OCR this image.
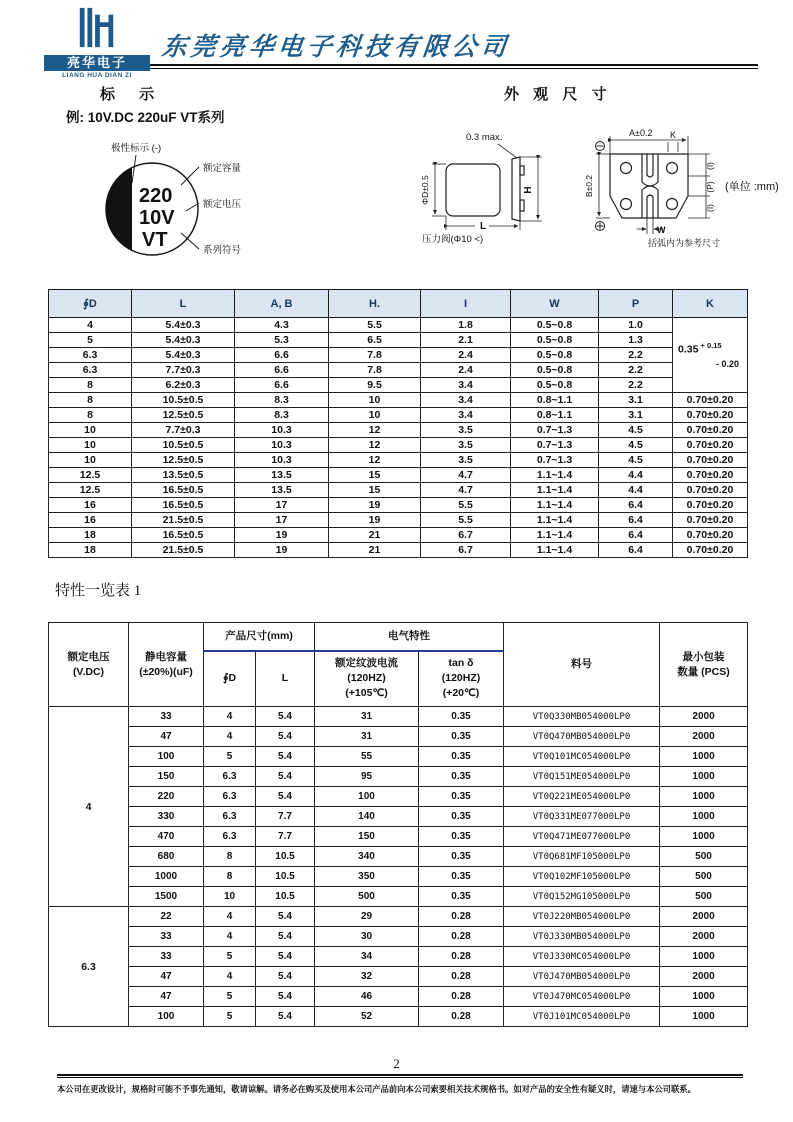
亮华电子
LIANG HUA DIAN ZI
东莞亮华电子科技有限公司
标 示	外 观 尺 寸
例: 10V.DC 220uF VT系列
220
10V
VT
极性标示 (-)
额定容量
额定电压
系列符号
0.3 max.
ΦD±0.5
L
H
压力阀(Φ10 <)
A±0.2
B±0.2
K
(I)
(P)
(I)
W
(单位 :mm)
括弧内为参考尺寸
∮D	L	A, B	H.	I	W	P	K
4	5.4±0.3	4.3	5.5	1.8	0.5~0.8	1.0	0.35 $^{+ 0.15}$
- 0.20

5	5.4±0.3	5.3	6.5	2.1	0.5~0.8	1.3	
6.3	5.4±0.3	6.6	7.8	2.4	0.5~0.8	2.2	
6.3	7.7±0.3	6.6	7.8	2.4	0.5~0.8	2.2	
8	6.2±0.3	6.6	9.5	3.4	0.5~0.8	2.2	
8	10.5±0.5	8.3	10	3.4	0.8~1.1	3.1	0.70±0.20
8	12.5±0.5	8.3	10	3.4	0.8~1.1	3.1	0.70±0.20
10	7.7±0.3	10.3	12	3.5	0.7~1.3	4.5	0.70±0.20
10	10.5±0.5	10.3	12	3.5	0.7~1.3	4.5	0.70±0.20
10	12.5±0.5	10.3	12	3.5	0.7~1.3	4.5	0.70±0.20
12.5	13.5±0.5	13.5	15	4.7	1.1~1.4	4.4	0.70±0.20
12.5	16.5±0.5	13.5	15	4.7	1.1~1.4	4.4	0.70±0.20
16	16.5±0.5	17	19	5.5	1.1~1.4	6.4	0.70±0.20
16	21.5±0.5	17	19	5.5	1.1~1.4	6.4	0.70±0.20
18	16.5±0.5	19	21	6.7	1.1~1.4	6.4	0.70±0.20
18	21.5±0.5	19	21	6.7	1.1~1.4	6.4	0.70±0.20
特性一览表 1
额定电压
(V.DC)	静电容量
(±20%)(uF)	产品尺寸(mm)		电气特性		料号	最小包装
数量 (PCS)
		∮D	L	额定纹波电流
(120HZ)
(+105℃)	tan δ
(120HZ)
(+20℃)		
4	33	4	5.4	31	0.35	VT0Q330MB054000LP0	2000
	47	4	5.4	31	0.35	VT0Q470MB054000LP0	2000
	100	5	5.4	55	0.35	VT0Q101MC054000LP0	1000
	150	6.3	5.4	95	0.35	VT0Q151ME054000LP0	1000
	220	6.3	5.4	100	0.35	VT0Q221ME054000LP0	1000
	330	6.3	7.7	140	0.35	VT0Q331ME077000LP0	1000
	470	6.3	7.7	150	0.35	VT0Q471ME077000LP0	1000
	680	8	10.5	340	0.35	VT0Q681MF105000LP0	500
	1000	8	10.5	350	0.35	VT0Q102MF105000LP0	500
	1500	10	10.5	500	0.35	VT0Q152MG105000LP0	500
6.3	22	4	5.4	29	0.28	VT0J220MB054000LP0	2000
	33	4	5.4	30	0.28	VT0J330MB054000LP0	2000
	33	5	5.4	34	0.28	VT0J330MC054000LP0	1000
	47	4	5.4	32	0.28	VT0J470MB054000LP0	2000
	47	5	5.4	46	0.28	VT0J470MC054000LP0	1000
	100	5	5.4	52	0.28	VT0J101MC054000LP0	1000
2
本公司在更改设计，规格时可能不予事先通知，敬请谅解。请务必在购买及使用本公司产品前向本公司索要相关技术规格书。如对产品的安全性有疑义时，请速与本公司联系。
